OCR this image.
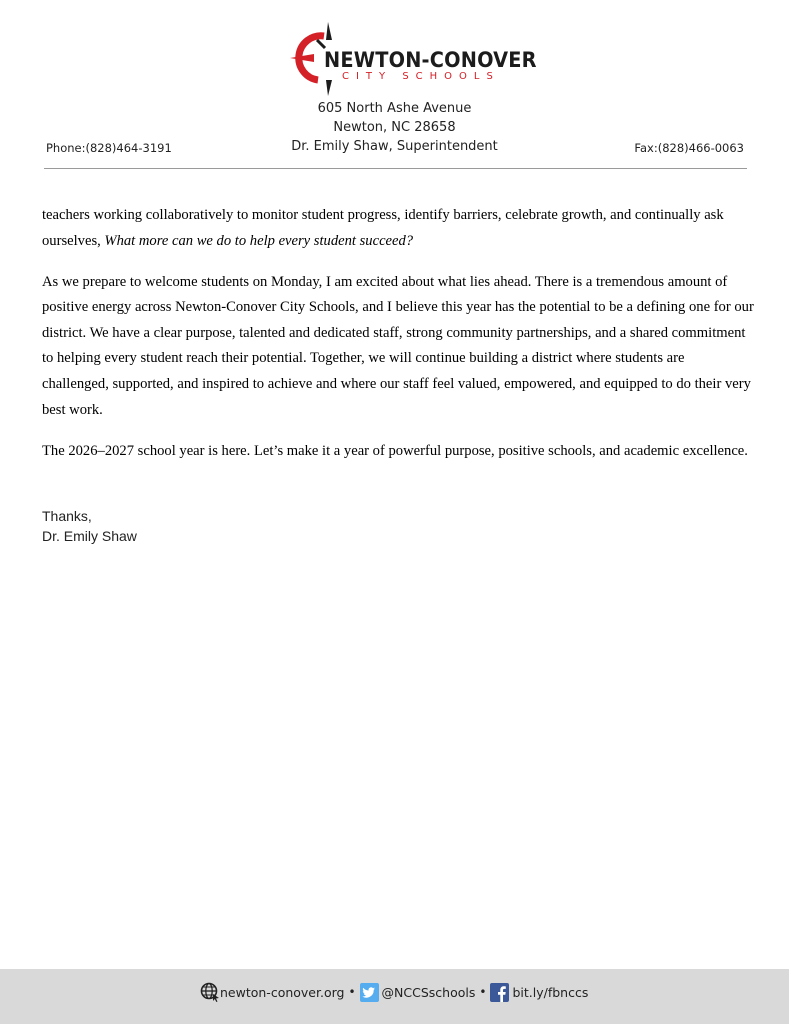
NEWTON-CONOVER
CITY SCHOOLS
605 North Ashe Avenue
Newton, NC 28658
Dr. Emily Shaw, Superintendent
Phone:(828)464-3191	Fax:(828)466-0063

teachers working collaboratively to monitor student progress, identify barriers, celebrate growth, and continually ask ourselves, What more can we do to help every student succeed?

As we prepare to welcome students on Monday, I am excited about what lies ahead. There is a tremendous amount of positive energy across Newton-Conover City Schools, and I believe this year has the potential to be a defining one for our district. We have a clear purpose, talented and dedicated staff, strong community partnerships, and a shared commitment to helping every student reach their potential. Together, we will continue building a district where students are challenged, supported, and inspired to achieve and where our staff feel valued, empowered, and equipped to do their very best work.

The 2026–2027 school year is here. Let’s make it a year of powerful purpose, positive schools, and academic excellence.

Thanks,
Dr. Emily Shaw
newton-conover.org • @NCCSschools • bit.ly/fbnccs
